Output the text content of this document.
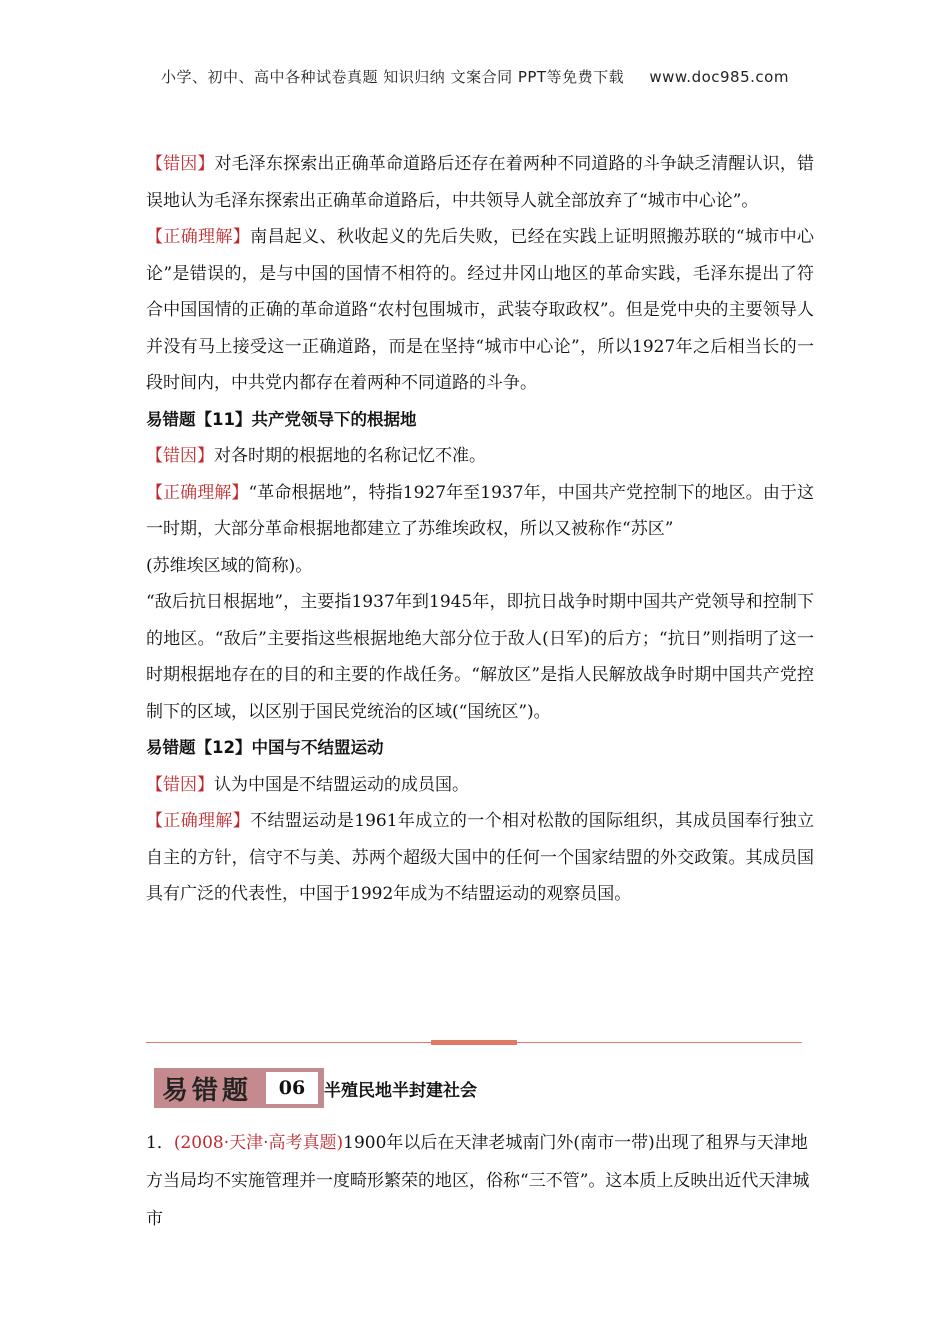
小学、初中、高中各种试卷真题 知识归纳 文案合同 PPT等免费下载 www.doc985.com

【错因】对毛泽东探索出正确革命道路后还存在着两种不同道路的斗争缺乏清醒认识，错误地认为毛泽东探索出正确革命道路后，中共领导人就全部放弃了“城市中心论”。

【正确理解】南昌起义、秋收起义的先后失败，已经在实践上证明照搬苏联的“城市中心论”是错误的，是与中国的国情不相符的。经过井冈山地区的革命实践，毛泽东提出了符合中国国情的正确的革命道路“农村包围城市，武装夺取政权”。但是党中央的主要领导人并没有马上接受这一正确道路，而是在坚持“城市中心论”，所以1927年之后相当长的一段时间内，中共党内都存在着两种不同道路的斗争。

易错题【11】共产党领导下的根据地

【错因】对各时期的根据地的名称记忆不准。

【正确理解】“革命根据地”，特指1927年至1937年，中国共产党控制下的地区。由于这一时期，大部分革命根据地都建立了苏维埃政权，所以又被称作“苏区”

(苏维埃区域的简称)。

“敌后抗日根据地”，主要指1937年到1945年，即抗日战争时期中国共产党领导和控制下的地区。“敌后”主要指这些根据地绝大部分位于敌人(日军)的后方；“抗日”则指明了这一时期根据地存在的目的和主要的作战任务。“解放区”是指人民解放战争时期中国共产党控制下的区域，以区别于国民党统治的区域(“国统区”)。

易错题【12】中国与不结盟运动

【错因】认为中国是不结盟运动的成员国。

【正确理解】不结盟运动是1961年成立的一个相对松散的国际组织，其成员国奉行独立自主的方针，信守不与美、苏两个超级大国中的任何一个国家结盟的外交政策。其成员国具有广泛的代表性，中国于1992年成为不结盟运动的观察员国。

易错题	06	半殖民地半封建社会
1．(2008·天津·高考真题)1900年以后在天津老城南门外(南市一带)出现了租界与天津地方当局均不实施管理并一度畸形繁荣的地区，俗称“三不管”。这本质上反映出近代天津城市
